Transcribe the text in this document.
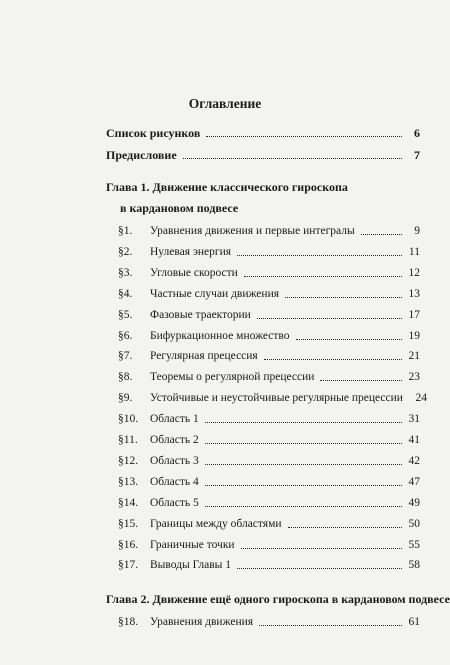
Оглавление
Список рисунков	6
Предисловие	7
Глава 1. Движение классического гироскопа
в кардановом подвесе
§1.	Уравнения движения и первые интегралы	9
§2.	Нулевая энергия	11
§3.	Угловые скорости	12
§4.	Частные случаи движения	13
§5.	Фазовые траектории	17
§6.	Бифуркационное множество	19
§7.	Регулярная прецессия	21
§8.	Теоремы о регулярной прецессии	23
§9.	Устойчивые и неустойчивые регулярные прецессии 24
§10.	Область 1	31
§11.	Область 2	41
§12.	Область 3	42
§13.	Область 4	47
§14.	Область 5	49
§15.	Границы между областями	50
§16.	Граничные точки	55
§17.	Выводы Главы 1	58
Глава 2. Движение ещё одного гироскопа в кардановом подвесе
§18.	Уравнения движения	61
